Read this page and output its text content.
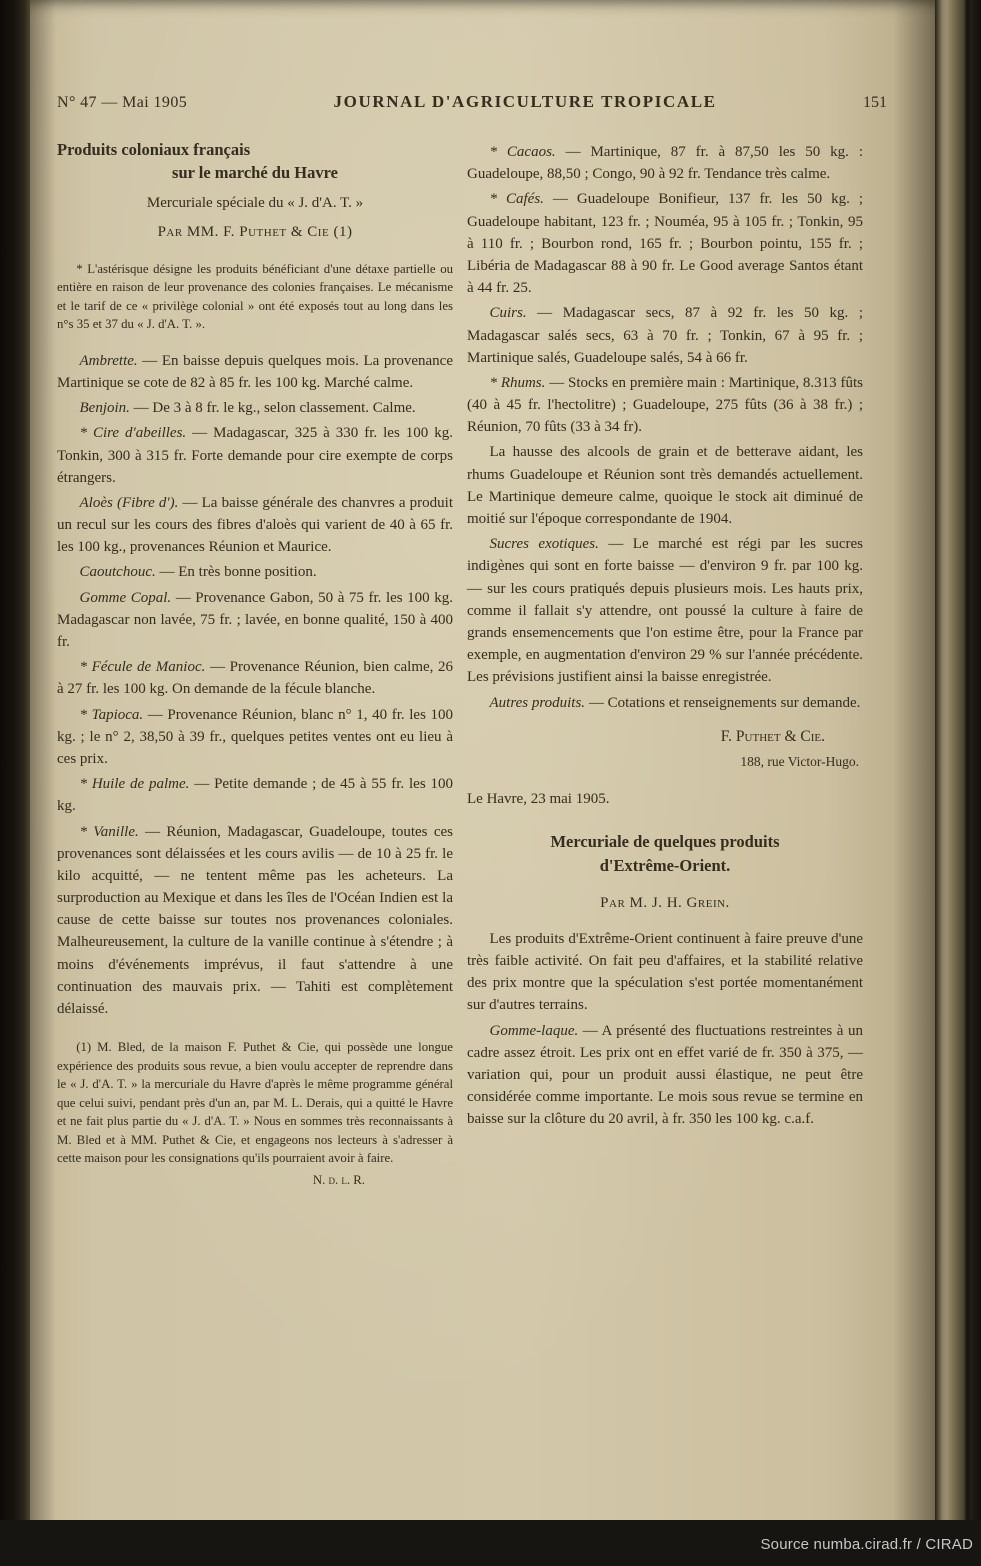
N° 47 — Mai 1905	JOURNAL D'AGRICULTURE TROPICALE	151
Produits coloniaux français
sur le marché du Havre
Mercuriale spéciale du « J. d'A. T. »
Par MM. F. Puthet & Cie (1)
* L'astérisque désigne les produits bénéficiant d'une détaxe partielle ou entière en raison de leur provenance des colonies françaises. Le mécanisme et le tarif de ce « privilège colonial » ont été exposés tout au long dans les n°s 35 et 37 du « J. d'A. T. ».

Ambrette. — En baisse depuis quelques mois. La provenance Martinique se cote de 82 à 85 fr. les 100 kg. Marché calme.

Benjoin. — De 3 à 8 fr. le kg., selon classement. Calme.

* Cire d'abeilles. — Madagascar, 325 à 330 fr. les 100 kg. Tonkin, 300 à 315 fr. Forte demande pour cire exempte de corps étrangers.

Aloès (Fibre d'). — La baisse générale des chanvres a produit un recul sur les cours des fibres d'aloès qui varient de 40 à 65 fr. les 100 kg., provenances Réunion et Maurice.

Caoutchouc. — En très bonne position.

Gomme Copal. — Provenance Gabon, 50 à 75 fr. les 100 kg. Madagascar non lavée, 75 fr. ; lavée, en bonne qualité, 150 à 400 fr.

* Fécule de Manioc. — Provenance Réunion, bien calme, 26 à 27 fr. les 100 kg. On demande de la fécule blanche.

* Tapioca. — Provenance Réunion, blanc n° 1, 40 fr. les 100 kg. ; le n° 2, 38,50 à 39 fr., quelques petites ventes ont eu lieu à ces prix.

* Huile de palme. — Petite demande ; de 45 à 55 fr. les 100 kg.

* Vanille. — Réunion, Madagascar, Guadeloupe, toutes ces provenances sont délaissées et les cours avilis — de 10 à 25 fr. le kilo acquitté, — ne tentent même pas les acheteurs. La surproduction au Mexique et dans les îles de l'Océan Indien est la cause de cette baisse sur toutes nos provenances coloniales. Malheureusement, la culture de la vanille continue à s'étendre ; à moins d'événements imprévus, il faut s'attendre à une continuation des mauvais prix. — Tahiti est complètement délaissé.

(1) M. Bled, de la maison F. Puthet & Cie, qui possède une longue expérience des produits sous revue, a bien voulu accepter de reprendre dans le « J. d'A. T. » la mercuriale du Havre d'après le même programme général que celui suivi, pendant près d'un an, par M. L. Derais, qui a quitté le Havre et ne fait plus partie du « J. d'A. T. » Nous en sommes très reconnaissants à M. Bled et à MM. Puthet & Cie, et engageons nos lecteurs à s'adresser à cette maison pour les consignations qu'ils pourraient avoir à faire.
N. d. l. R.

* Cacaos. — Martinique, 87 fr. à 87,50 les 50 kg. : Guadeloupe, 88,50 ; Congo, 90 à 92 fr. Tendance très calme.

* Cafés. — Guadeloupe Bonifieur, 137 fr. les 50 kg. ; Guadeloupe habitant, 123 fr. ; Nouméa, 95 à 105 fr. ; Tonkin, 95 à 110 fr. ; Bourbon rond, 165 fr. ; Bourbon pointu, 155 fr. ; Libéria de Madagascar 88 à 90 fr. Le Good average Santos étant à 44 fr. 25.

Cuirs. — Madagascar secs, 87 à 92 fr. les 50 kg. ; Madagascar salés secs, 63 à 70 fr. ; Tonkin, 67 à 95 fr. ; Martinique salés, Guadeloupe salés, 54 à 66 fr.

* Rhums. — Stocks en première main : Martinique, 8.313 fûts (40 à 45 fr. l'hectolitre) ; Guadeloupe, 275 fûts (36 à 38 fr.) ; Réunion, 70 fûts (33 à 34 fr).

La hausse des alcools de grain et de betterave aidant, les rhums Guadeloupe et Réunion sont très demandés actuellement. Le Martinique demeure calme, quoique le stock ait diminué de moitié sur l'époque correspondante de 1904.

Sucres exotiques. — Le marché est régi par les sucres indigènes qui sont en forte baisse — d'environ 9 fr. par 100 kg. — sur les cours pratiqués depuis plusieurs mois. Les hauts prix, comme il fallait s'y attendre, ont poussé la culture à faire de grands ensemencements que l'on estime être, pour la France par exemple, en augmentation d'environ 29 % sur l'année précédente. Les prévisions justifient ainsi la baisse enregistrée.

Autres produits. — Cotations et renseignements sur demande.

F. Puthet & Cie.
188, rue Victor-Hugo.
Le Havre, 23 mai 1905.
Mercuriale de quelques produits
d'Extrême-Orient.
Par M. J. H. Grein.

Les produits d'Extrême-Orient continuent à faire preuve d'une très faible activité. On fait peu d'affaires, et la stabilité relative des prix montre que la spéculation s'est portée momentanément sur d'autres terrains.

Gomme-laque. — A présenté des fluctuations restreintes à un cadre assez étroit. Les prix ont en effet varié de fr. 350 à 375, — variation qui, pour un produit aussi élastique, ne peut être considérée comme importante. Le mois sous revue se termine en baisse sur la clôture du 20 avril, à fr. 350 les 100 kg. c.a.f.

Source numba.cirad.fr / CIRAD
